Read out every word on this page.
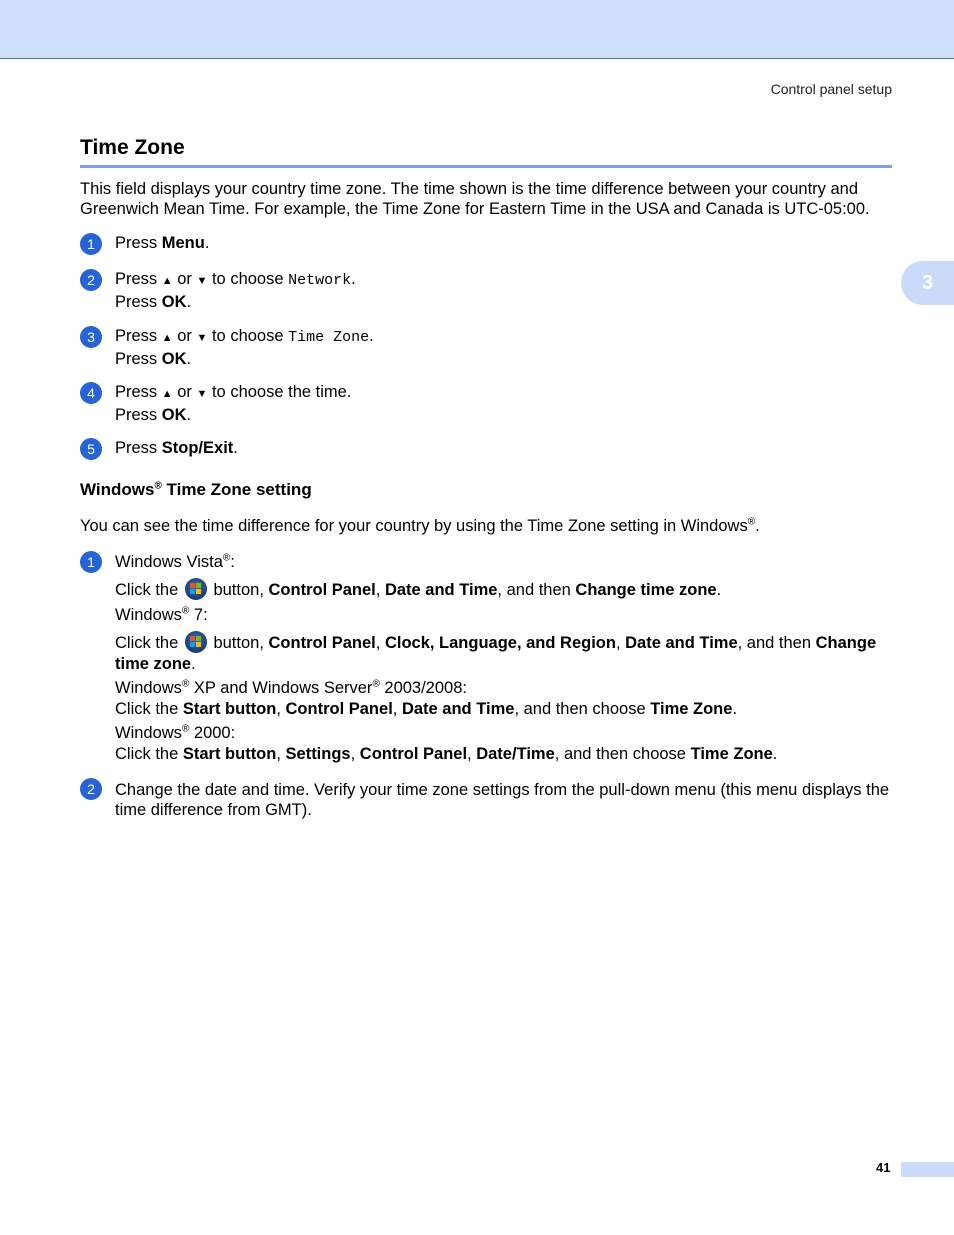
Control panel setup
3
Time Zone
This field displays your country time zone. The time shown is the time difference between your country and Greenwich Mean Time. For example, the Time Zone for Eastern Time in the USA and Canada is UTC-05:00.
1	Press Menu.
2	Press ▲ or ▼ to choose Network.
Press OK.
3	Press ▲ or ▼ to choose Time Zone.
Press OK.
4	Press ▲ or ▼ to choose the time.
Press OK.
5	Press Stop/Exit.
Windows® Time Zone setting
You can see the time difference for your country by using the Time Zone setting in Windows®.
1	Windows Vista®:
Click the
button, Control Panel, Date and Time, and then Change time zone.
Windows® 7:
Click the
button, Control Panel, Clock, Language, and Region, Date and Time, and then Change time zone.
Windows® XP and Windows Server® 2003/2008:
Click the Start button, Control Panel, Date and Time, and then choose Time Zone.
Windows® 2000:
Click the Start button, Settings, Control Panel, Date/Time, and then choose Time Zone.
2	Change the date and time. Verify your time zone settings from the pull-down menu (this menu displays the time difference from GMT).
41
